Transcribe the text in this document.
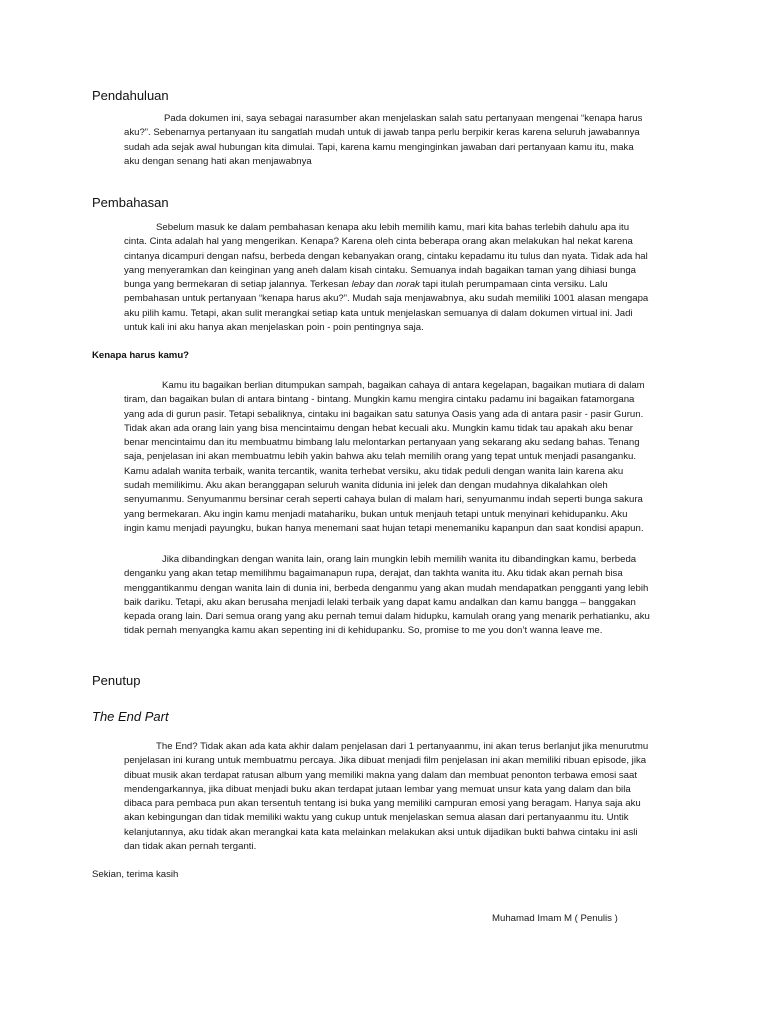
Pendahuluan
Pada dokumen ini, saya sebagai narasumber akan menjelaskan salah satu pertanyaan mengenai “kenapa harus
aku?”. Sebenarnya pertanyaan itu sangatlah mudah untuk di jawab tanpa perlu berpikir keras karena seluruh jawabannya
sudah ada sejak awal hubungan kita dimulai. Tapi, karena kamu menginginkan jawaban dari pertanyaan kamu itu, maka
aku dengan senang hati akan menjawabnya
Pembahasan
Sebelum masuk ke dalam pembahasan kenapa aku lebih memilih kamu, mari kita bahas terlebih dahulu apa itu
cinta. Cinta adalah hal yang mengerikan. Kenapa? Karena oleh cinta beberapa orang akan melakukan hal nekat karena
cintanya dicampuri dengan nafsu, berbeda dengan kebanyakan orang, cintaku kepadamu itu tulus dan nyata. Tidak ada hal
yang menyeramkan dan keinginan yang aneh dalam kisah cintaku. Semuanya indah bagaikan taman yang dihiasi bunga
bunga yang bermekaran di setiap jalannya. Terkesan lebay dan norak tapi itulah perumpamaan cinta versiku. Lalu
pembahasan untuk pertanyaan “kenapa harus aku?”. Mudah saja menjawabnya, aku sudah memiliki 1001 alasan mengapa
aku pilih kamu. Tetapi, akan sulit merangkai setiap kata untuk menjelaskan semuanya di dalam dokumen virtual ini. Jadi
untuk kali ini aku hanya akan menjelaskan poin - poin pentingnya saja.
Kenapa harus kamu?
Kamu itu bagaikan berlian ditumpukan sampah, bagaikan cahaya di antara kegelapan, bagaikan mutiara di dalam
tiram, dan bagaikan bulan di antara bintang - bintang. Mungkin kamu mengira cintaku padamu ini bagaikan fatamorgana
yang ada di gurun pasir. Tetapi sebaliknya, cintaku ini bagaikan satu satunya Oasis yang ada di antara pasir - pasir Gurun.
Tidak akan ada orang lain yang bisa mencintaimu dengan hebat kecuali aku. Mungkin kamu tidak tau apakah aku benar
benar mencintaimu dan itu membuatmu bimbang lalu melontarkan pertanyaan yang sekarang aku sedang bahas. Tenang
saja, penjelasan ini akan membuatmu lebih yakin bahwa aku telah memilih orang yang tepat untuk menjadi pasanganku.
Kamu adalah wanita terbaik, wanita tercantik, wanita terhebat versiku, aku tidak peduli dengan wanita lain karena aku
sudah memilikimu. Aku akan beranggapan seluruh wanita didunia ini jelek dan dengan mudahnya dikalahkan oleh
senyumanmu. Senyumanmu bersinar cerah seperti cahaya bulan di malam hari, senyumanmu indah seperti bunga sakura
yang bermekaran. Aku ingin kamu menjadi matahariku, bukan untuk menjauh tetapi untuk menyinari kehidupanku. Aku
ingin kamu menjadi payungku, bukan hanya menemani saat hujan tetapi menemaniku kapanpun dan saat kondisi apapun.
Jika dibandingkan dengan wanita lain, orang lain mungkin lebih memilih wanita itu dibandingkan kamu, berbeda
denganku yang akan tetap memilihmu bagaimanapun rupa, derajat, dan takhta wanita itu. Aku tidak akan pernah bisa
menggantikanmu dengan wanita lain di dunia ini, berbeda denganmu yang akan mudah mendapatkan pengganti yang lebih
baik dariku. Tetapi, aku akan berusaha menjadi lelaki terbaik yang dapat kamu andalkan dan kamu bangga – banggakan
kepada orang lain. Dari semua orang yang aku pernah temui dalam hidupku, kamulah orang yang menarik perhatianku, aku
tidak pernah menyangka kamu akan sepenting ini di kehidupanku. So, promise to me you don’t wanna leave me.
Penutup
The End Part
The End? Tidak akan ada kata akhir dalam penjelasan dari 1 pertanyaanmu, ini akan terus berlanjut jika menurutmu
penjelasan ini kurang untuk membuatmu percaya. Jika dibuat menjadi film penjelasan ini akan memiliki ribuan episode, jika
dibuat musik akan terdapat ratusan album yang memiliki makna yang dalam dan membuat penonton terbawa emosi saat
mendengarkannya, jika dibuat menjadi buku akan terdapat jutaan lembar yang memuat unsur kata yang dalam dan bila
dibaca para pembaca pun akan tersentuh tentang isi buka yang memiliki campuran emosi yang beragam. Hanya saja aku
akan kebingungan dan tidak memiliki waktu yang cukup untuk menjelaskan semua alasan dari pertanyaanmu itu. Untik
kelanjutannya, aku tidak akan merangkai kata kata melainkan melakukan aksi untuk dijadikan bukti bahwa cintaku ini asli
dan tidak akan pernah terganti.

Sekian, terima kasih

Muhamad Imam M ( Penulis )
